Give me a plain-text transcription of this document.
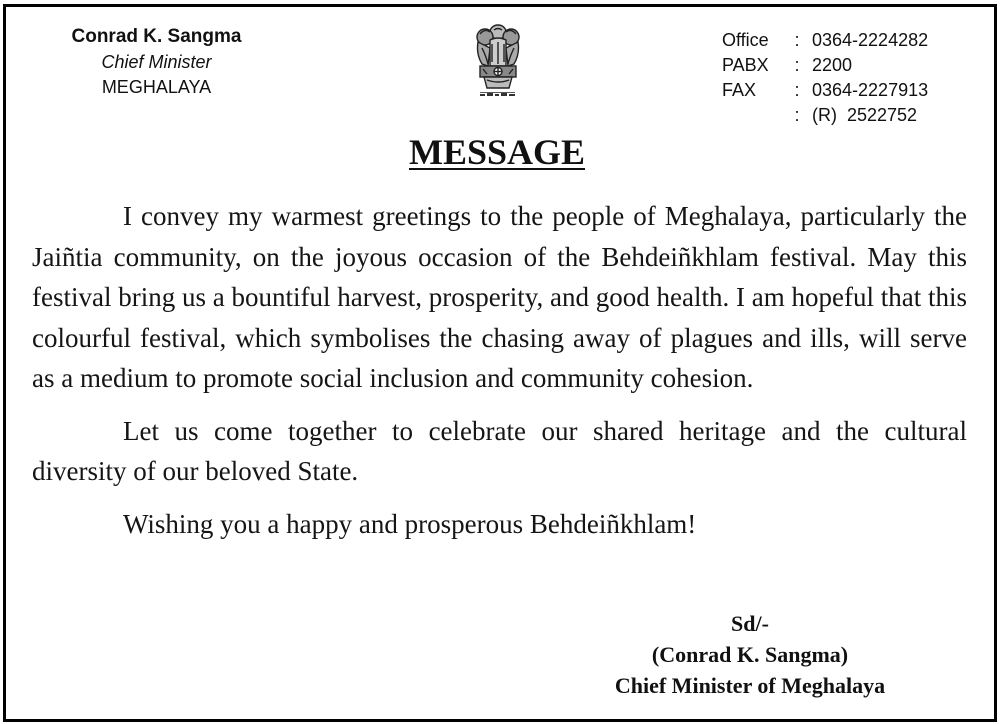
Conrad K. Sangma
Chief Minister
MEGHALAYA
Office	:	0364-2224282
PABX	:	2200
FAX	:	0364-2227913
	:	(R)  2522752
MESSAGE

I convey my warmest greetings to the people of Meghalaya, particularly the Jaiñtia community, on the joyous occasion of the Behdeiñkhlam festival. May this festival bring us a bountiful harvest, prosperity, and good health. I am hopeful that this colourful festival, which symbolises the chasing away of plagues and ills, will serve as a medium to promote social inclusion and community cohesion.

Let us come together to celebrate our shared heritage and the cultural diversity of our beloved State.

Wishing you a happy and prosperous Behdeiñkhlam!

Sd/-
(Conrad K. Sangma)
Chief Minister of Meghalaya
